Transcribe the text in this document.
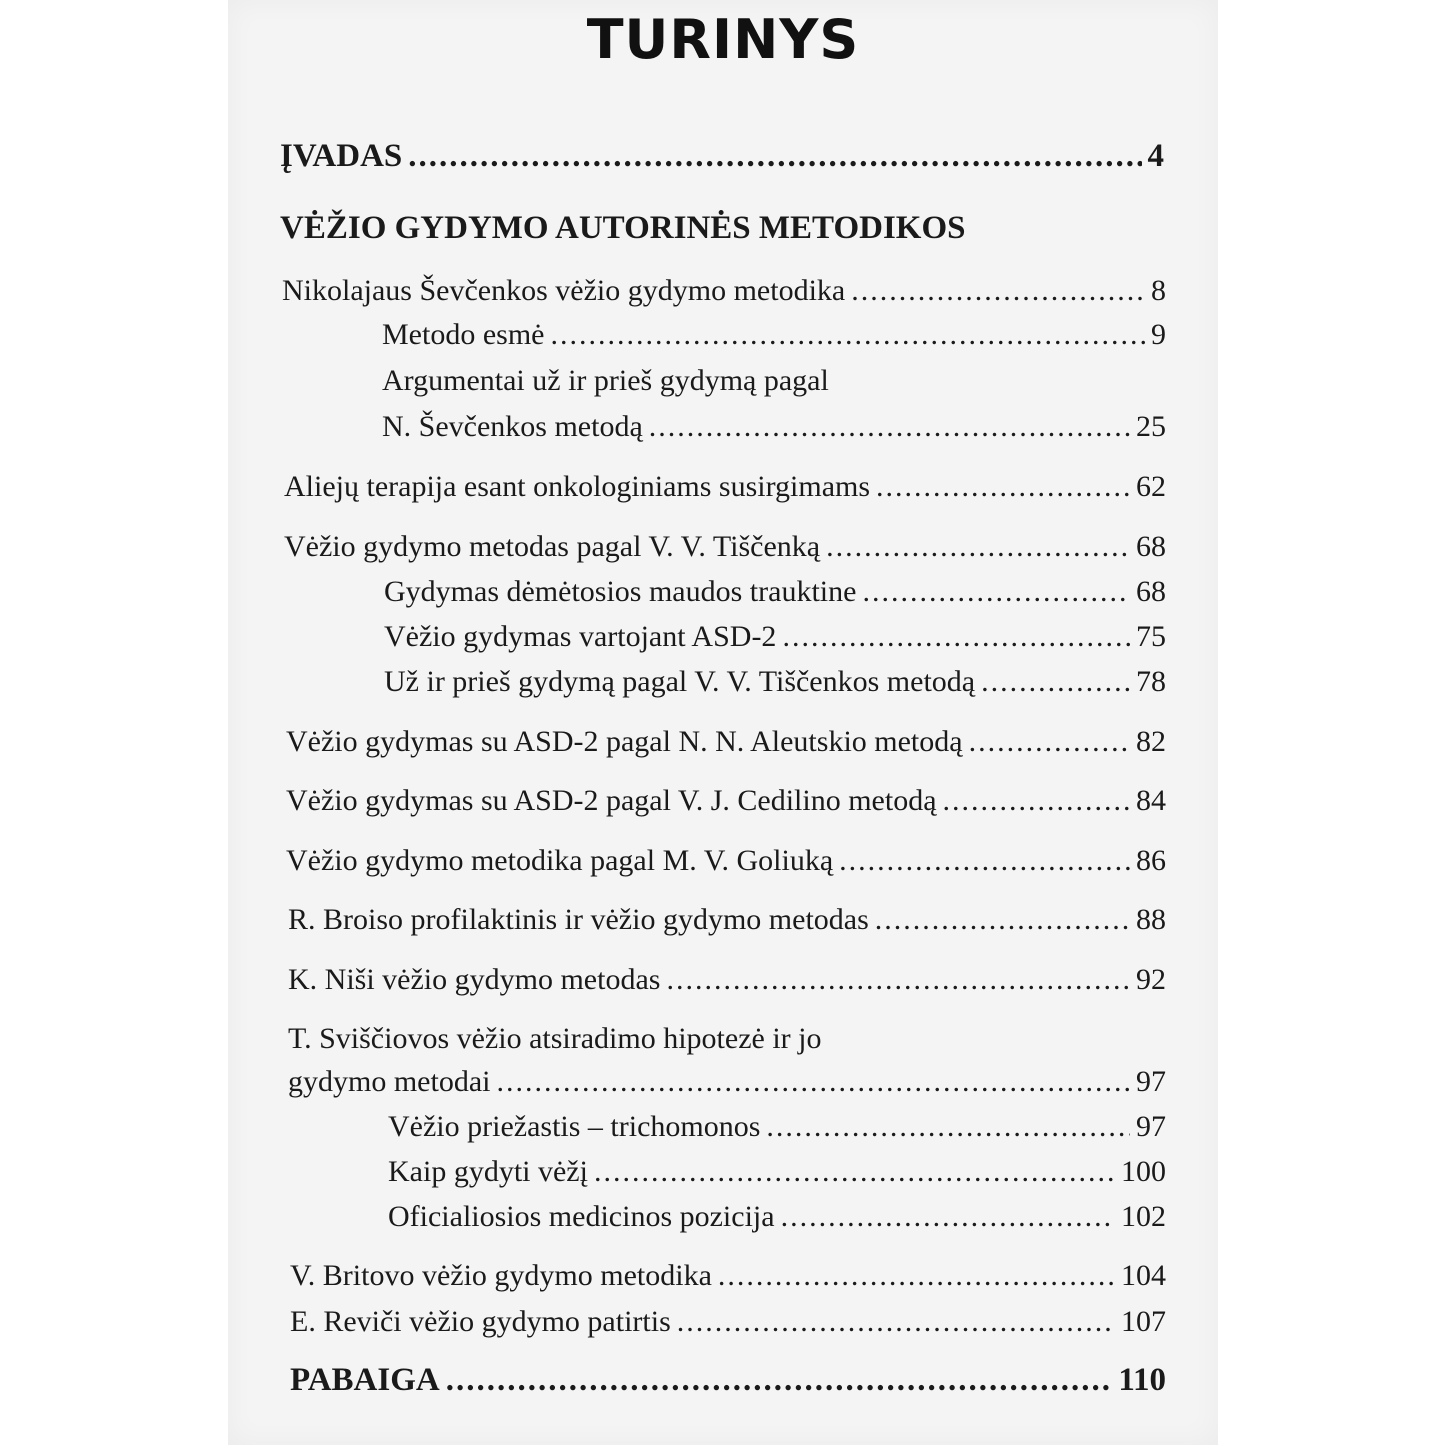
TURINYS
ĮVADAS .....	4
VĖŽIO GYDYMO AUTORINĖS METODIKOS
Nikolajaus Ševčenkos vėžio gydymo metodika .....	8
Metodo esmė .....	9
Argumentai už ir prieš gydymą pagal
N. Ševčenkos metodą .....	25
Aliejų terapija esant onkologiniams susirgimams .....	62
Vėžio gydymo metodas pagal V. V. Tiščenką .....	68
Gydymas dėmėtosios maudos trauktine .....	68
Vėžio gydymas vartojant ASD-2 .....	75
Už ir prieš gydymą pagal V. V. Tiščenkos metodą .....	78
Vėžio gydymas su ASD-2 pagal N. N. Aleutskio metodą .....	82
Vėžio gydymas su ASD-2 pagal V. J. Cedilino metodą .....	84
Vėžio gydymo metodika pagal M. V. Goliuką .....	86
R. Broiso profilaktinis ir vėžio gydymo metodas .....	88
K. Niši vėžio gydymo metodas .....	92
T. Sviščiovos vėžio atsiradimo hipotezė ir jo
gydymo metodai .....	97
Vėžio priežastis – trichomonos .....	97
Kaip gydyti vėžį .....	100
Oficialiosios medicinos pozicija .....	102
V. Britovo vėžio gydymo metodika .....	104
E. Reviči vėžio gydymo patirtis .....	107
PABAIGA .....	110
